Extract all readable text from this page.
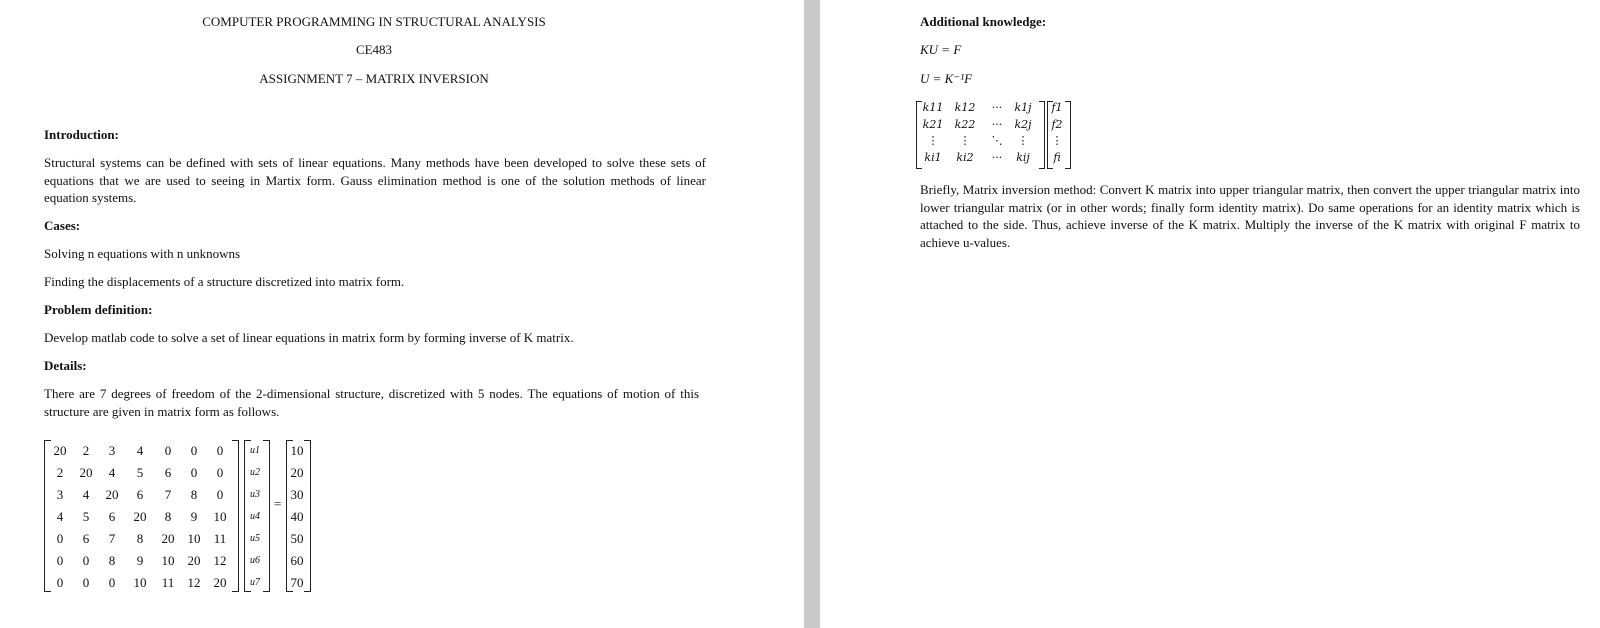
COMPUTER PROGRAMMING IN STRUCTURAL ANALYSIS
CE483
ASSIGNMENT 7 – MATRIX INVERSION
Introduction:
Structural systems can be defined with sets of linear equations. Many methods have been developed to solve these sets of equations that we are used to seeing in Martix form. Gauss elimination method is one of the solution methods of linear equation systems.
Cases:
Solving n equations with n unknowns
Finding the displacements of a structure discretized into matrix form.
Problem definition:
Develop matlab code to solve a set of linear equations in matrix form by forming inverse of K matrix.
Details:
There are 7 degrees of freedom of the 2-dimensional structure, discretized with 5 nodes. The equations of motion of this structure are given in matrix form as follows.
=
20	2	3	4	0	0	0
2	20	4	5	6	0	0
3	4	20	6	7	8	0
4	5	6	20	8	9	10
0	6	7	8	20	10	11
0	0	8	9	10	20	12
0	0	0	10	11	12	20
u1
u2
u3
u4
u5
u6
u7
10
20
30
40
50
60
70
Additional knowledge:
KU = F
U = K⁻¹F
k11 k12	···	k1j
k21 k22	···	k2j
⋮	⋮	⋱	⋮
ki1	ki2	···	kij
f1
f2
⋮
fi
Briefly, Matrix inversion method: Convert K matrix into upper triangular matrix, then convert the upper triangular matrix into lower triangular matrix (or in other words; finally form identity matrix). Do same operations for an identity matrix which is attached to the side. Thus, achieve inverse of the K matrix. Multiply the inverse of the K matrix with original F matrix to achieve u-values.
